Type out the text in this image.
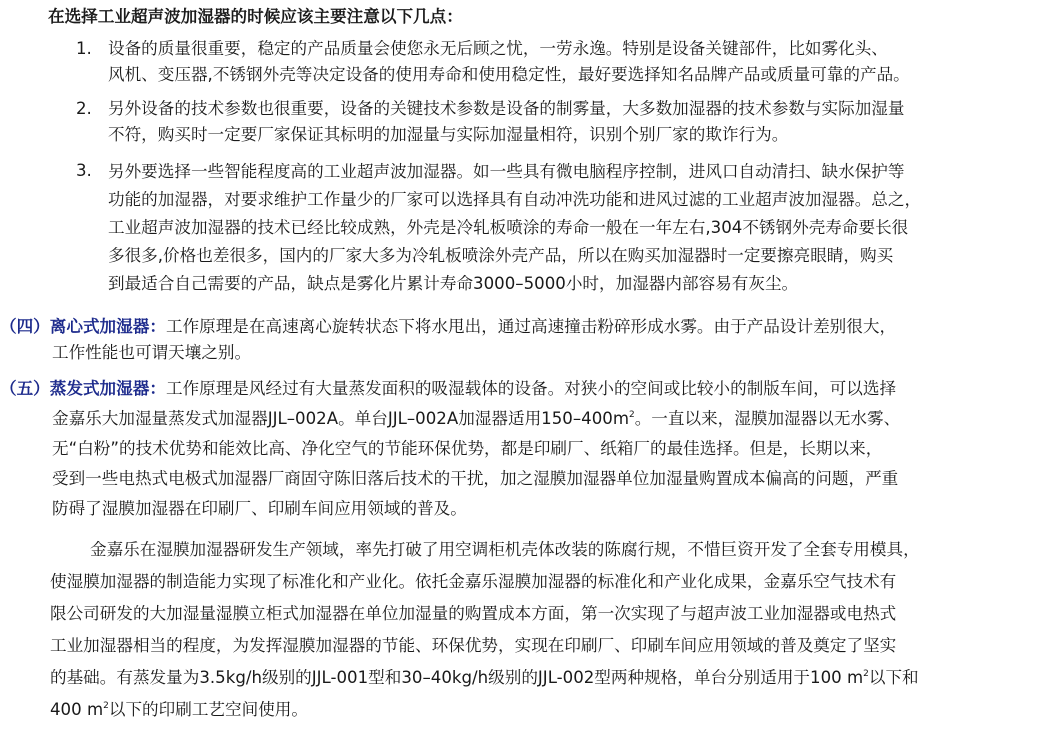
在选择工业超声波加湿器的时候应该主要注意以下几点：
1. 设备的质量很重要，稳定的产品质量会使您永无后顾之忧，一劳永逸。特别是设备关键部件，比如雾化头、
风机、变压器,不锈钢外壳等决定设备的使用寿命和使用稳定性，最好要选择知名品牌产品或质量可靠的产品。
2. 另外设备的技术参数也很重要，设备的关键技术参数是设备的制雾量，大多数加湿器的技术参数与实际加湿量
不符，购买时一定要厂家保证其标明的加湿量与实际加湿量相符，识别个别厂家的欺诈行为。
3. 另外要选择一些智能程度高的工业超声波加湿器。如一些具有微电脑程序控制，进风口自动清扫、缺水保护等
功能的加湿器，对要求维护工作量少的厂家可以选择具有自动冲洗功能和进风过滤的工业超声波加湿器。总之，
工业超声波加湿器的技术已经比较成熟，外壳是冷轧板喷涂的寿命一般在一年左右,304不锈钢外壳寿命要长很
多很多,价格也差很多，国内的厂家大多为冷轧板喷涂外壳产品，所以在购买加湿器时一定要擦亮眼睛，购买
到最适合自己需要的产品，缺点是雾化片累计寿命3000–5000小时，加湿器内部容易有灰尘。
（四）离心式加湿器：工作原理是在高速离心旋转状态下将水甩出，通过高速撞击粉碎形成水雾。由于产品设计差别很大，
工作性能也可谓天壤之别。
（五）蒸发式加湿器：工作原理是风经过有大量蒸发面积的吸湿载体的设备。对狭小的空间或比较小的制版车间，可以选择
金嘉乐大加湿量蒸发式加湿器JJL–002A。单台JJL–002A加湿器适用$150-400m^2$。一直以来，湿膜加湿器以无水雾、
无“白粉”的技术优势和能效比高、净化空气的节能环保优势，都是印刷厂、纸箱厂的最佳选择。但是，长期以来，
受到一些电热式电极式加湿器厂商固守陈旧落后技术的干扰，加之湿膜加湿器单位加湿量购置成本偏高的问题，严重
防碍了湿膜加湿器在印刷厂、印刷车间应用领域的普及。
金嘉乐在湿膜加湿器研发生产领域，率先打破了用空调柜机壳体改装的陈腐行规，不惜巨资开发了全套专用模具，
使湿膜加湿器的制造能力实现了标准化和产业化。依托金嘉乐湿膜加湿器的标准化和产业化成果，金嘉乐空气技术有
限公司研发的大加湿量湿膜立柜式加湿器在单位加湿量的购置成本方面，第一次实现了与超声波工业加湿器或电热式
工业加湿器相当的程度，为发挥湿膜加湿器的节能、环保优势，实现在印刷厂、印刷车间应用领域的普及奠定了坚实
的基础。有蒸发量为3.5kg/h级别的JJL-001型和30–40kg/h级别的JJL-002型两种规格，单台分别适用于100 $m^2$以下和
400 $m^2$以下的印刷工艺空间使用。
